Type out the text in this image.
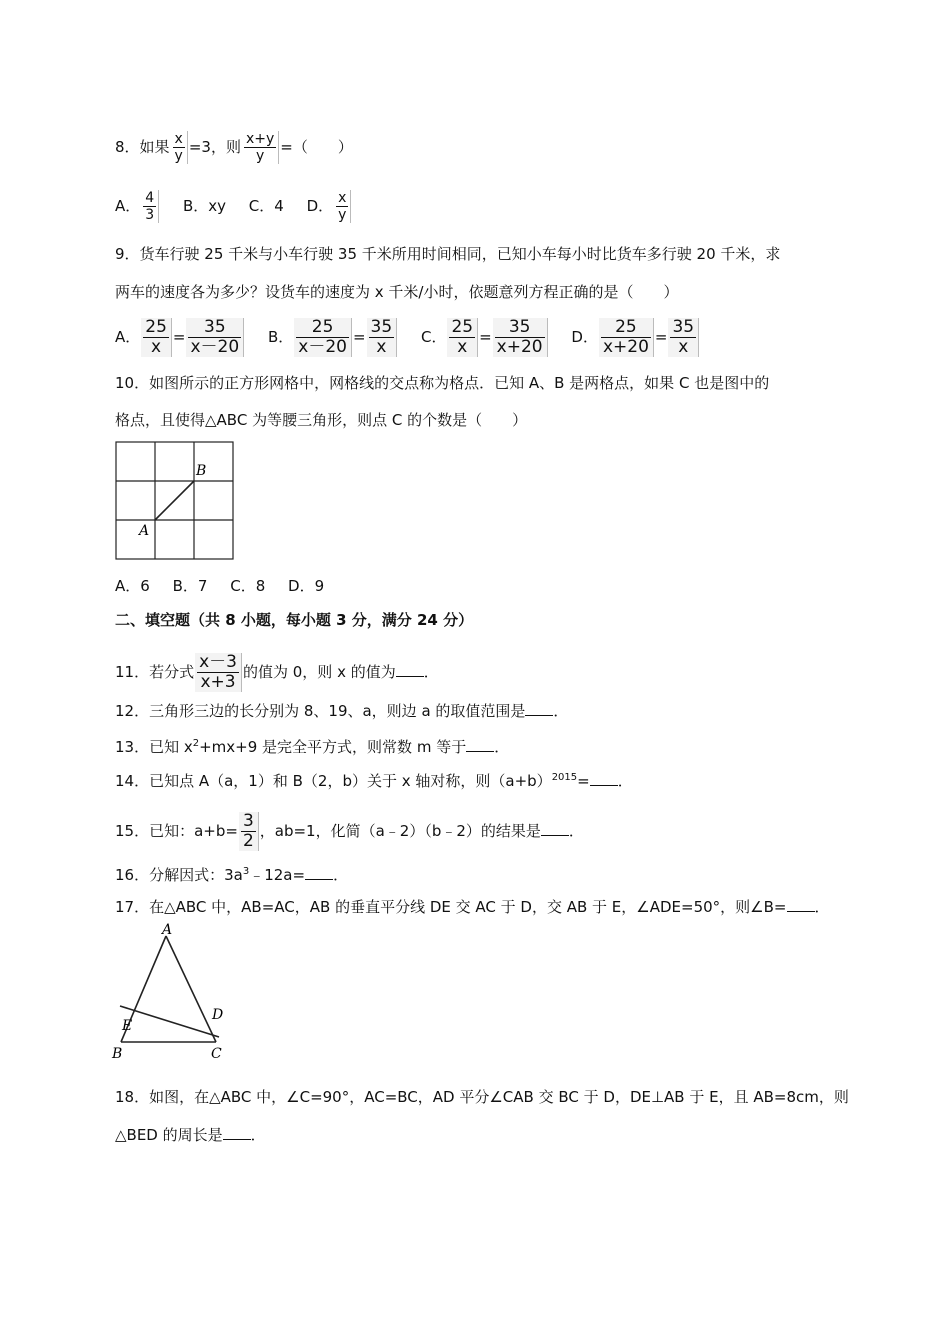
8．如果 $\frac{x}{y} =3$，则 $\frac{x+y}{y}$ =（　　）
A． $\frac{4}{3}$ B．xy C．4 D． $\frac{x}{y}$
9．货车行驶 25 千米与小车行驶 35 千米所用时间相同，已知小车每小时比货车多行驶 20 千米，求
两车的速度各为多少？设货车的速度为 x 千米/小时，依题意列方程正确的是（　　）
A． $\frac{25}{x} = \frac{35}{x-20}$ B． $\frac{25}{x-20} = \frac{35}{x}$ C． $\frac{25}{x} = \frac{35}{x+20}$ D． $\frac{25}{x+20} = \frac{35}{x}$
10．如图所示的正方形网格中，网格线的交点称为格点．已知 A、B 是两格点，如果 C 也是图中的
格点，且使得△ABC 为等腰三角形，则点 C 的个数是（　　）
A
B
A．6 B．7 C．8 D．9
二、填空题（共 8 小题，每小题 3 分，满分 24 分）
11．若分式 $\frac{x-3}{x+3}$ 的值为 0，则 x 的值为 ．
12．三角形三边的长分别为 8、19、a，则边 a 的取值范围是 ．
13．已知 $x^2+mx+9$ 是完全平方式，则常数 m 等于 ．
14．已知点 A（a，1）和 B（2，b）关于 x 轴对称，则$(a+b)^{2015}=$ ．
15．已知：$a+b= \frac{3}{2}$ ，ab=1，化简（a﹣2）（b﹣2）的结果是 ．
16．分解因式：$3a^3﹣12a=$ ．
17．在△ABC 中，AB=AC，AB 的垂直平分线 DE 交 AC 于 D，交 AB 于 E，∠ADE=50°，则∠B= ．
A
B	C
D
E
18．如图，在△ABC 中，∠C=90°，AC=BC，AD 平分∠CAB 交 BC 于 D，DE⊥AB 于 E，且 AB=8cm，则
△BED 的周长是 ．
